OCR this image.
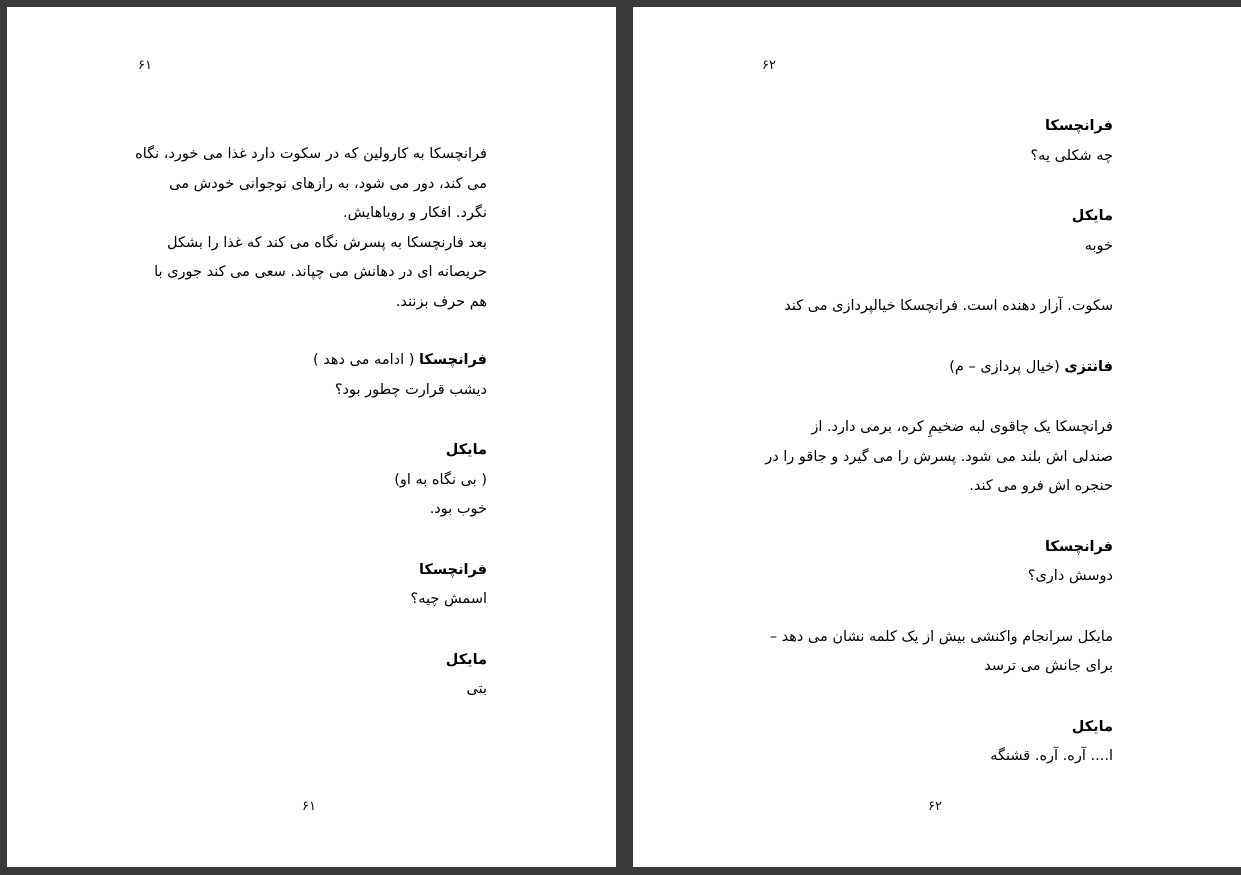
۶۱

فرانچسکا به کارولین که در سکوت دارد غذا می خورد، نگاه

می کند، دور می شود، به رازهای نوجوانی خودش می

نگرد. افکار و رویاهایش.

بعد فارنچسکا به پسرش نگاه می کند که غذا را بشکل

حریصانه ای در دهانش می چپاند. سعی می کند جوری با

هم حرف بزنند.

فرانچسکا ( ادامه می دهد )

دیشب قرارت چطور بود؟

مایکل

( بی نگاه به او)

خوب بود.

فرانچسکا

اسمش چیه؟

مایکل

بتی

۶۱
۶۲

فرانچسکا

چه شکلی یه؟

مایکل

خوبه

سکوت. آزار دهنده است. فرانچسکا خیالپردازی می کند

فانتزی (خیال پردازی – م)

فرانچسکا یک چاقوی لبه ضخیمِ کره، برمی دارد. از

صندلی اش بلند می شود. پسرش را می گیرد و جاقو را در

حنجره اش فرو می کند.

فرانچسکا

دوسش داری؟

مایکل سرانجام واکنشی بیش از یک کلمه نشان می دهد –

برای جانش می ترسد

مایکل

ا.... آره. آره. قشنگه

۶۲
